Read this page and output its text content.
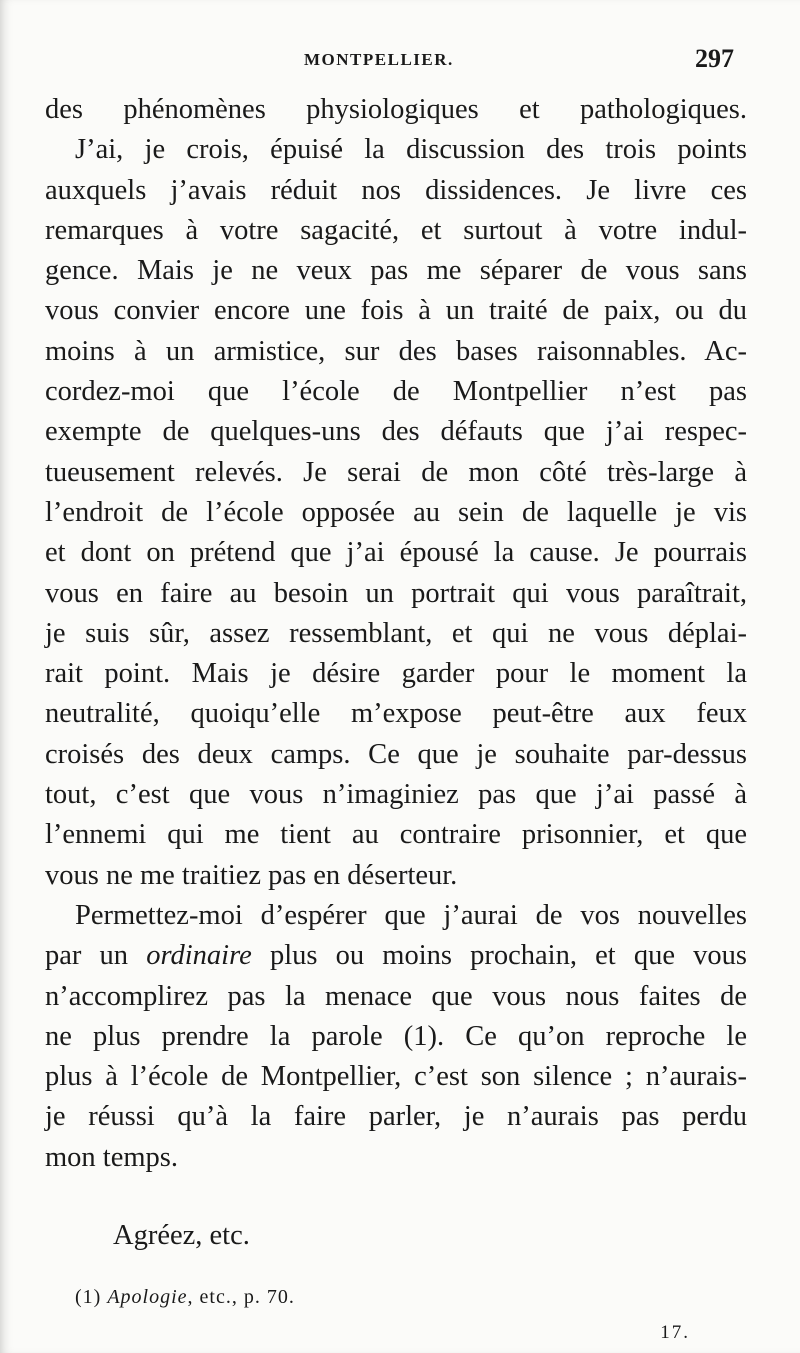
MONTPELLIER.	297
des phénomènes physiologiques et pathologiques.
J’ai, je crois, épuisé la discussion des trois points
auxquels j’avais réduit nos dissidences. Je livre ces
remarques à votre sagacité, et surtout à votre indul-
gence. Mais je ne veux pas me séparer de vous sans
vous convier encore une fois à un traité de paix, ou du
moins à un armistice, sur des bases raisonnables. Ac-
cordez-moi que l’école de Montpellier n’est pas
exempte de quelques-uns des défauts que j’ai respec-
tueusement relevés. Je serai de mon côté très-large à
l’endroit de l’école opposée au sein de laquelle je vis
et dont on prétend que j’ai épousé la cause. Je pourrais
vous en faire au besoin un portrait qui vous paraîtrait,
je suis sûr, assez ressemblant, et qui ne vous déplai-
rait point. Mais je désire garder pour le moment la
neutralité, quoiqu’elle m’expose peut-être aux feux
croisés des deux camps. Ce que je souhaite par-dessus
tout, c’est que vous n’imaginiez pas que j’ai passé à
l’ennemi qui me tient au contraire prisonnier, et que
vous ne me traitiez pas en déserteur.
Permettez-moi d’espérer que j’aurai de vos nouvelles
par un ordinaire plus ou moins prochain, et que vous
n’accomplirez pas la menace que vous nous faites de
ne plus prendre la parole (1). Ce qu’on reproche le
plus à l’école de Montpellier, c’est son silence ; n’aurais-
je réussi qu’à la faire parler, je n’aurais pas perdu
mon temps.
Agréez, etc.
(1) Apologie, etc., p. 70.
17.
